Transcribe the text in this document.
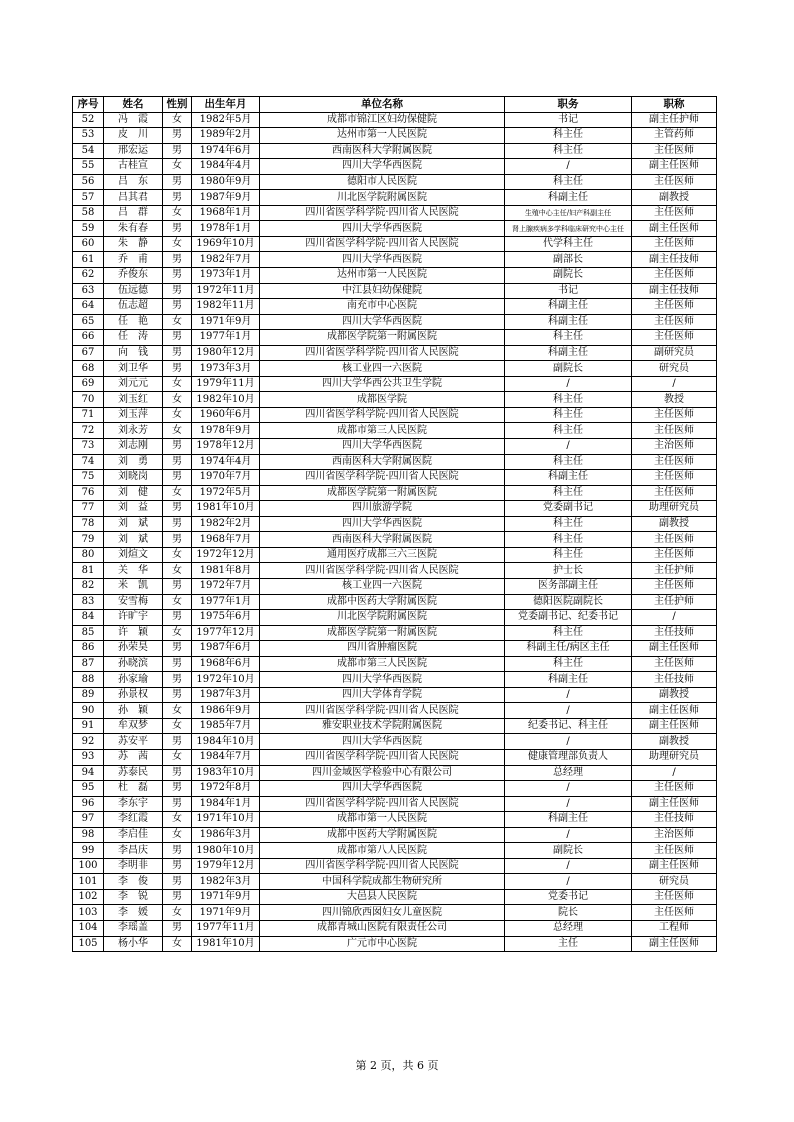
序号	姓名	性别	出生年月	单位名称	职务	职称
52	冯　霞	女	1982年5月	成都市锦江区妇幼保健院	书记	副主任护师
53	皮　川	男	1989年2月	达州市第一人民医院	科主任	主管药师
54	邢宏运	男	1974年6月	西南医科大学附属医院	科主任	主任医师
55	古桂宣	女	1984年4月	四川大学华西医院	/	副主任医师
56	吕　东	男	1980年9月	德阳市人民医院	科主任	主任医师
57	吕其君	男	1987年9月	川北医学院附属医院	科副主任	副教授
58	吕　群	女	1968年1月	四川省医学科学院·四川省人民医院	生殖中心主任/妇产科副主任	主任医师
59	朱有春	男	1978年1月	四川大学华西医院	肾上腺疾病多学科临床研究中心主任	副主任医师
60	朱　静	女	1969年10月	四川省医学科学院·四川省人民医院	代学科主任	主任医师
61	乔　甫	男	1982年7月	四川大学华西医院	副部长	副主任技师
62	乔俊东	男	1973年1月	达州市第一人民医院	副院长	主任医师
63	伍远德	男	1972年11月	中江县妇幼保健院	书记	副主任技师
64	伍志超	男	1982年11月	南充市中心医院	科副主任	主任医师
65	任　艳	女	1971年9月	四川大学华西医院	科副主任	主任医师
66	任　涛	男	1977年1月	成都医学院第一附属医院	科主任	主任医师
67	向　钱	男	1980年12月	四川省医学科学院·四川省人民医院	科副主任	副研究员
68	刘卫华	男	1973年3月	核工业四一六医院	副院长	研究员
69	刘元元	女	1979年11月	四川大学华西公共卫生学院	/	/
70	刘玉红	女	1982年10月	成都医学院	科主任	教授
71	刘玉萍	女	1960年6月	四川省医学科学院·四川省人民医院	科主任	主任医师
72	刘永芳	女	1978年9月	成都市第三人民医院	科主任	主任医师
73	刘志刚	男	1978年12月	四川大学华西医院	/	主治医师
74	刘　勇	男	1974年4月	西南医科大学附属医院	科主任	主任医师
75	刘晓岗	男	1970年7月	四川省医学科学院·四川省人民医院	科副主任	主任医师
76	刘　健	女	1972年5月	成都医学院第一附属医院	科主任	主任医师
77	刘　益	男	1981年10月	四川旅游学院	党委副书记	助理研究员
78	刘　斌	男	1982年2月	四川大学华西医院	科主任	副教授
79	刘　斌	男	1968年7月	西南医科大学附属医院	科主任	主任医师
80	刘煊文	女	1972年12月	通用医疗成都三六三医院	科主任	主任医师
81	关　华	女	1981年8月	四川省医学科学院·四川省人民医院	护士长	主任护师
82	米　凯	男	1972年7月	核工业四一六医院	医务部副主任	主任医师
83	安雪梅	女	1977年1月	成都中医药大学附属医院	德阳医院副院长	主任护师
84	许旷宇	男	1975年6月	川北医学院附属医院	党委副书记、纪委书记	/
85	许　颖	女	1977年12月	成都医学院第一附属医院	科主任	主任技师
86	孙荣昊	男	1987年6月	四川省肿瘤医院	科副主任/病区主任	副主任医师
87	孙晓滨	男	1968年6月	成都市第三人民医院	科主任	主任医师
88	孙家瑜	男	1972年10月	四川大学华西医院	科副主任	主任技师
89	孙景权	男	1987年3月	四川大学体育学院	/	副教授
90	孙　颖	女	1986年9月	四川省医学科学院·四川省人民医院	/	副主任医师
91	牟双梦	女	1985年7月	雅安职业技术学院附属医院	纪委书记、科主任	副主任医师
92	苏安平	男	1984年10月	四川大学华西医院	/	副教授
93	苏　茜	女	1984年7月	四川省医学科学院·四川省人民医院	健康管理部负责人	助理研究员
94	苏泰民	男	1983年10月	四川金域医学检验中心有限公司	总经理	/
95	杜　磊	男	1972年8月	四川大学华西医院	/	主任医师
96	李东宇	男	1984年1月	四川省医学科学院·四川省人民医院	/	副主任医师
97	李红霞	女	1971年10月	成都市第一人民医院	科副主任	主任技师
98	李启佳	女	1986年3月	成都中医药大学附属医院	/	主治医师
99	李昌庆	男	1980年10月	成都市第八人民医院	副院长	主任医师
100	李明非	男	1979年12月	四川省医学科学院·四川省人民医院	/	副主任医师
101	李　俊	男	1982年3月	中国科学院成都生物研究所	/	研究员
102	李　锐	男	1971年9月	大邑县人民医院	党委书记	主任医师
103	李　媛	女	1971年9月	四川锦欣西囡妇女儿童医院	院长	主任医师
104	李瑶盖	男	1977年11月	成都青城山医院有限责任公司	总经理	工程师
105	杨小华	女	1981年10月	广元市中心医院	主任	副主任医师
第 2 页，共 6 页
